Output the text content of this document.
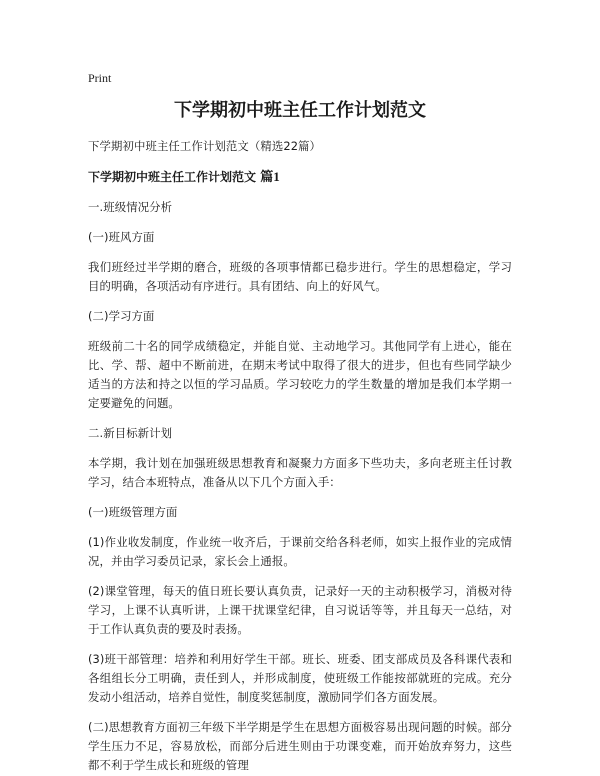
Print
下学期初中班主任工作计划范文
下学期初中班主任工作计划范文（精选22篇）
下学期初中班主任工作计划范文 篇1
一.班级情况分析
(一)班风方面
我们班经过半学期的磨合，班级的各项事情都已稳步进行。学生的思想稳定，学习目的明确，各项活动有序进行。具有团结、向上的好风气。
(二)学习方面
班级前二十名的同学成绩稳定，并能自觉、主动地学习。其他同学有上进心，能在比、学、帮、超中不断前进，在期末考试中取得了很大的进步，但也有些同学缺少适当的方法和持之以恒的学习品质。学习较吃力的学生数量的增加是我们本学期一定要避免的问题。
二.新目标新计划
本学期，我计划在加强班级思想教育和凝聚力方面多下些功夫，多向老班主任讨教学习，结合本班特点，准备从以下几个方面入手：
(一)班级管理方面
(1)作业收发制度，作业统一收齐后，于课前交给各科老师，如实上报作业的完成情况，并由学习委员记录，家长会上通报。
(2)课堂管理，每天的值日班长要认真负责，记录好一天的主动积极学习，消极对待学习，上课不认真听讲，上课干扰课堂纪律，自习说话等等，并且每天一总结，对于工作认真负责的要及时表扬。
(3)班干部管理：培养和利用好学生干部。班长、班委、团支部成员及各科课代表和各组组长分工明确，责任到人，并形成制度，使班级工作能按部就班的完成。充分发动小组活动，培养自觉性，制度奖惩制度，激励同学们各方面发展。
(二)思想教育方面初三年级下半学期是学生在思想方面极容易出现问题的时候。部分学生压力不足，容易放松，而部分后进生则由于功课变难，而开始放弃努力，这些都不利于学生成长和班级的管理
